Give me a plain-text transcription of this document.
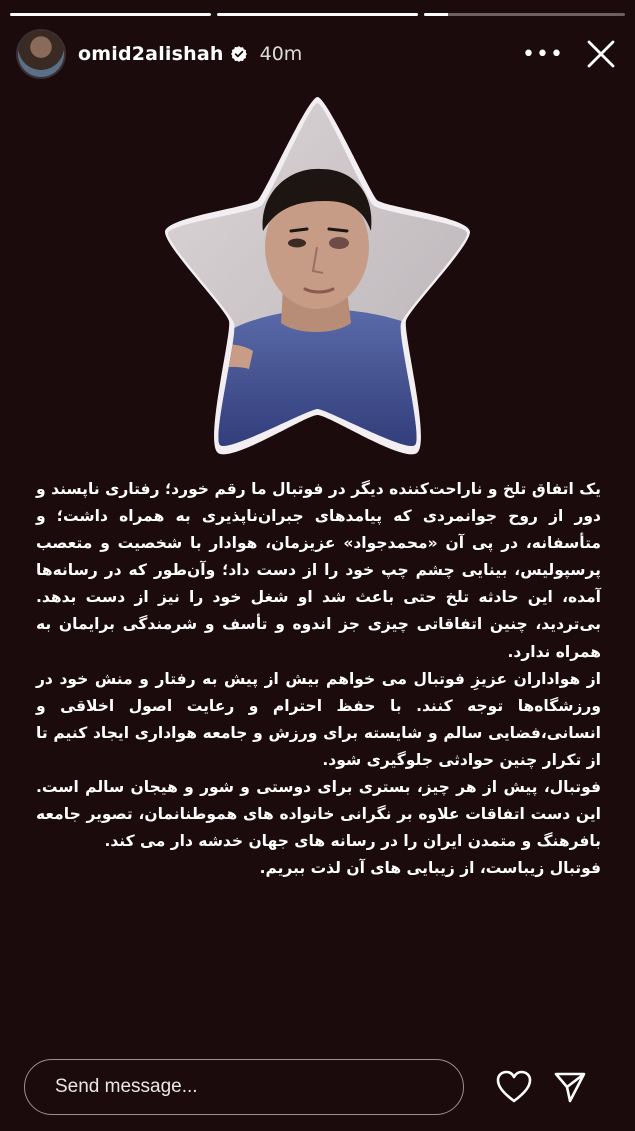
omid2alishah 40m	•••

یک اتفاق تلخ و ناراحت‌کننده دیگر در فوتبال ما رقم خورد؛ رفتاری ناپسند و دور از روح جوانمردی که پیامدهای جبران‌ناپذیری به همراه داشت؛ و متأسفانه، در پی آن «محمدجواد» عزیزمان، هوادار با شخصیت و متعصب پرسپولیس، بینایی چشم چپ خود را از دست داد؛ وآن‌طور که در رسانه‌ها آمده، این حادثه تلخ حتی باعث شد او شغل خود را نیز از دست بدهد. بی‌تردید، چنین اتفاقاتی چیزی جز اندوه و تأسف و شرمندگی برایمان به همراه ندارد.

از هواداران عزیزِ فوتبال می خواهم بیش از پیش به رفتار و منش خود در ورزشگاه‌ها توجه کنند. با حفظ احترام و رعایت اصول اخلاقی و انسانی،فضایی سالم و شایسته برای ورزش و جامعه هواداری ایجاد کنیم تا از تکرار چنین حوادثی جلوگیری شود.

فوتبال، پیش از هر چیز، بستری برای دوستی و شور و هیجان سالم است. این دست اتفاقات علاوه بر نگرانی خانواده های هموطنانمان، تصویر جامعه بافرهنگ و متمدن ایران را در رسانه های جهان خدشه دار می کند.

فوتبال زیباست، از زیبایی های آن لذت ببریم.

Send message...
